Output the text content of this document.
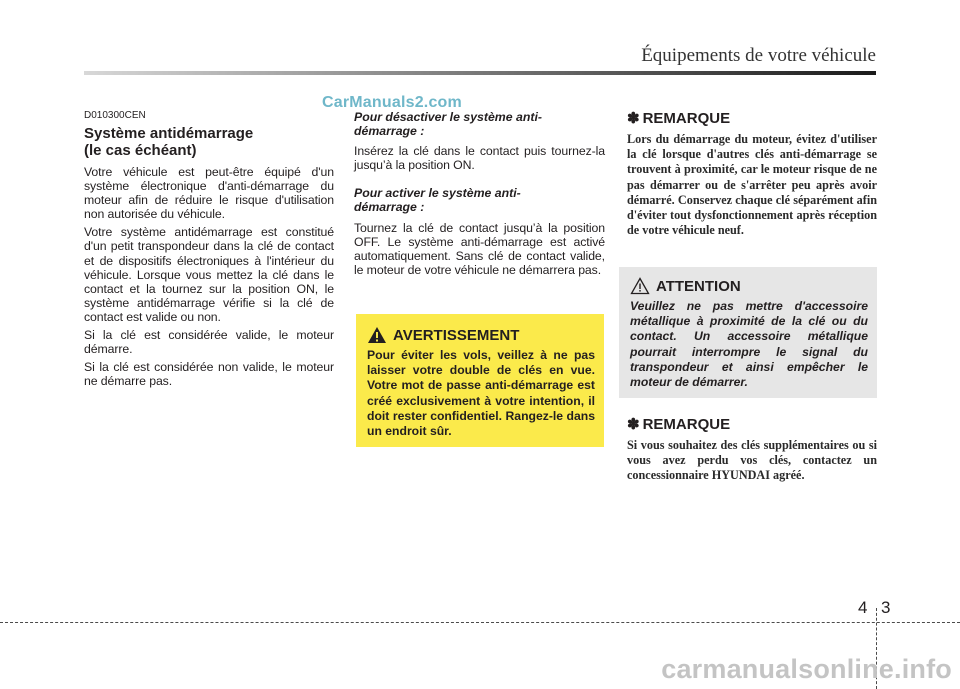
Équipements de votre véhicule
CarManuals2.com
D010300CEN
Système antidémarrage
(le cas échéant)

Votre véhicule est peut-être équipé d'un système électronique d'anti-démarrage du moteur afin de réduire le risque d'utilisation non autorisée du véhicule.

Votre système antidémarrage est constitué d'un petit transpondeur dans la clé de contact et de dispositifs électroniques à l'intérieur du véhicule. Lorsque vous mettez la clé dans le contact et la tournez sur la position ON, le système antidémarrage vérifie si la clé de contact est valide ou non.

Si la clé est considérée valide, le moteur démarre.

Si la clé est considérée non valide, le moteur ne démarre pas.

Pour désactiver le système anti-
démarrage :

Insérez la clé dans le contact puis tournez-la jusqu’à la position ON.

Pour activer le système anti-
démarrage :

Tournez la clé de contact jusqu’à la position OFF. Le système anti-démarrage est activé automatiquement. Sans clé de contact valide, le moteur de votre véhicule ne démarrera pas.

AVERTISSEMENT

Pour éviter les vols, veillez à ne pas laisser votre double de clés en vue. Votre mot de passe anti-démarrage est créé exclusivement à votre intention, il doit rester confidentiel. Rangez-le dans un endroit sûr.

✽ REMARQUE

Lors du démarrage du moteur, évitez d'utiliser la clé lorsque d'autres clés anti-démarrage se trouvent à proximité, car le moteur risque de ne pas démarrer ou de s'arrêter peu après avoir démarré. Conservez chaque clé séparément afin d'éviter tout dysfonctionnement après réception de votre véhicule neuf.

ATTENTION

Veuillez ne pas mettre d'accessoire métallique à proximité de la clé ou du contact. Un accessoire métallique pourrait interrompre le signal du transpondeur et ainsi empêcher le moteur de démarrer.

✽ REMARQUE

Si vous souhaitez des clés supplémentaires ou si vous avez perdu vos clés, contactez un concessionnaire HYUNDAI agréé.

4 3
carmanualsonline.info
